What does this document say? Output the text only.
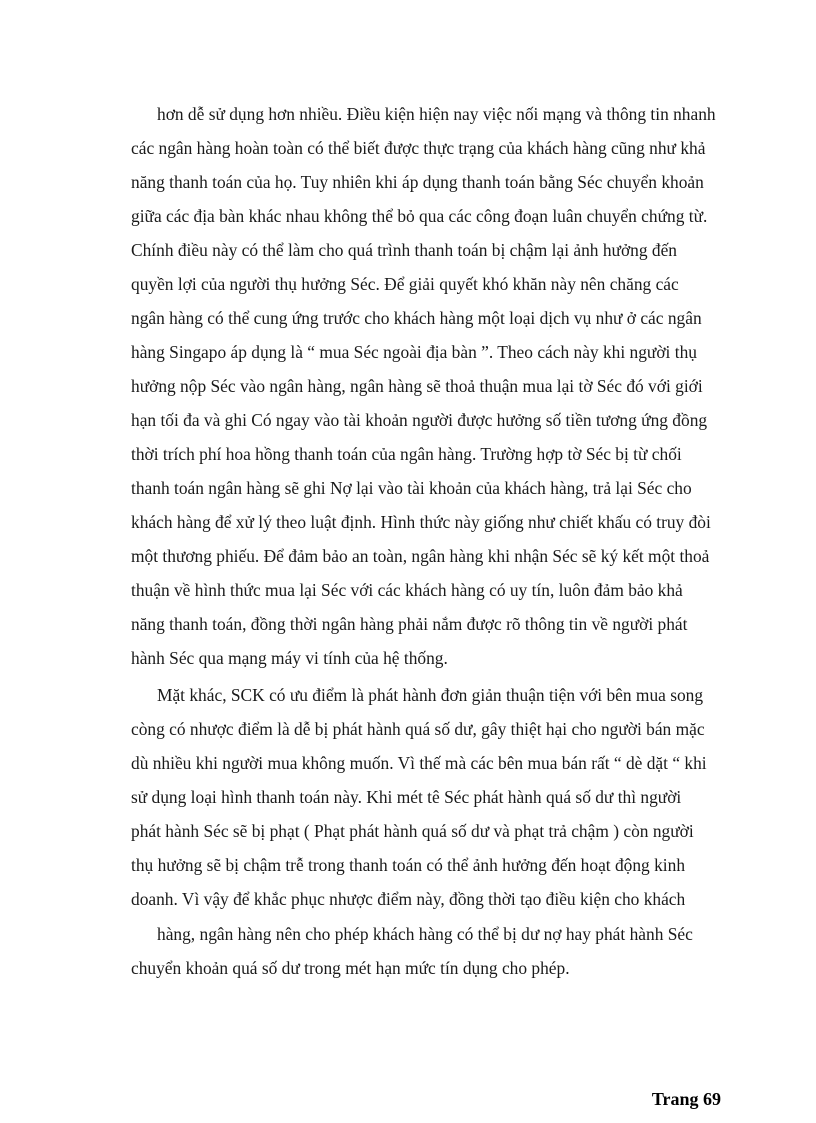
hơn dễ sử dụng hơn nhiều. Điều kiện hiện nay việc nối mạng và thông tin nhanh

các ngân hàng hoàn toàn có thể biết được thực trạng của khách hàng cũng như khả

năng thanh toán của họ. Tuy nhiên khi áp dụng thanh toán bằng Séc chuyển khoản

giữa các địa bàn khác nhau không thể bỏ qua các công đoạn luân chuyển chứng từ.

Chính điều này có thể làm cho quá trình thanh toán bị chậm lại ảnh hưởng đến

quyền lợi của người thụ hưởng Séc. Để giải quyết khó khăn này nên chăng các

ngân hàng có thể cung ứng trước cho khách hàng một loại dịch vụ như ở các ngân

hàng Singapo áp dụng là “ mua Séc ngoài địa bàn ”. Theo cách này khi người thụ

hưởng nộp Séc vào ngân hàng, ngân hàng sẽ thoả thuận mua lại tờ Séc đó với giới

hạn tối đa và ghi Có ngay vào tài khoản người được hưởng số tiền tương ứng đồng

thời trích phí hoa hồng thanh toán của ngân hàng. Trường hợp tờ Séc bị từ chối

thanh toán ngân hàng sẽ ghi Nợ lại vào tài khoản của khách hàng, trả lại Séc cho

khách hàng để xử lý theo luật định. Hình thức này giống như chiết khấu có truy đòi

một thương phiếu. Để đảm bảo an toàn, ngân hàng khi nhận Séc sẽ ký kết một thoả

thuận về hình thức mua lại Séc với các khách hàng có uy tín, luôn đảm bảo khả

năng thanh toán, đồng thời ngân hàng phải nắm được rõ thông tin về người phát

hành Séc qua mạng máy vi tính của hệ thống.

Mặt khác, SCK có ưu điểm là phát hành đơn giản thuận tiện với bên mua song

còng có nhược điểm là dễ bị phát hành quá số dư, gây thiệt hại cho người bán mặc

dù nhiều khi người mua không muốn. Vì thế mà các bên mua bán rất “ dè dặt “ khi

sử dụng loại hình thanh toán này. Khi mét tê Séc phát hành quá số dư thì người

phát hành Séc sẽ bị phạt ( Phạt phát hành quá số dư và phạt trả chậm ) còn người

thụ hưởng sẽ bị chậm trễ trong thanh toán có thể ảnh hưởng đến hoạt động kinh

doanh. Vì vậy để khắc phục nhược điểm này, đồng thời tạo điều kiện cho khách

hàng, ngân hàng nên cho phép khách hàng có thể bị dư nợ hay phát hành Séc

chuyển khoản quá số dư trong mét hạn mức tín dụng cho phép.

Trang 69
